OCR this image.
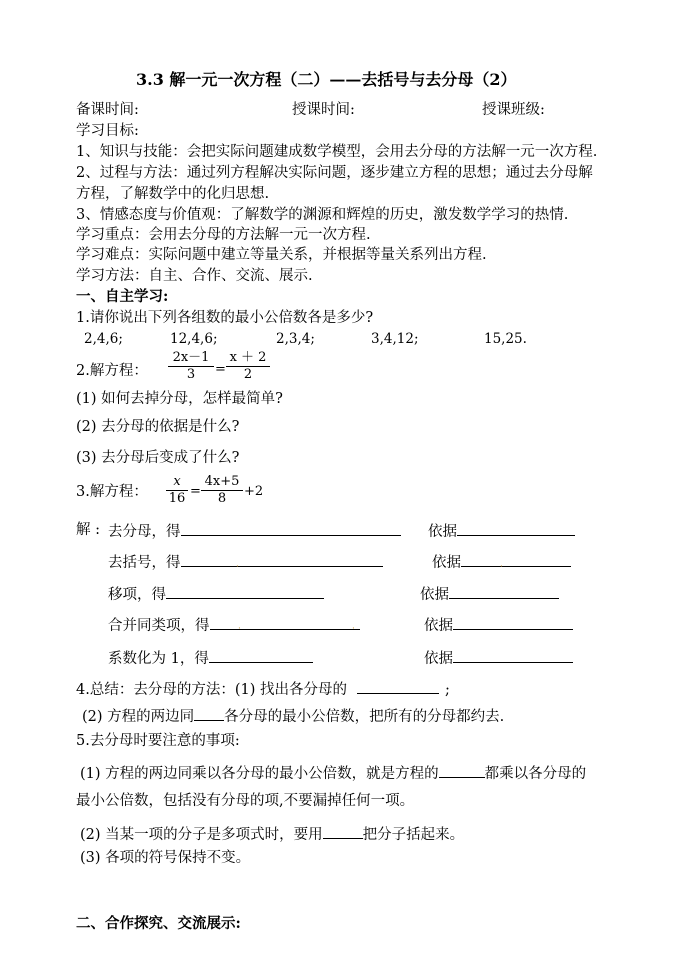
3.3 解一元一次方程（二）——去括号与去分母（2）
备课时间:	授课时间:	授课班级:
学习目标:
1、知识与技能：会把实际问题建成数学模型，会用去分母的方法解一元一次方程.
2、过程与方法：通过列方程解决实际问题，逐步建立方程的思想；通过去分母解
方程，了解数学中的化归思想.
3、情感态度与价值观：了解数学的渊源和辉煌的历史，激发数学学习的热情.
学习重点：会用去分母的方法解一元一次方程.
学习难点：实际问题中建立等量关系，并根据等量关系列出方程.
学习方法：自主、合作、交流、展示.
一、自主学习:
1.请你说出下列各组数的最小公倍数各是多少?
2,4,6;	12,4,6;	2,3,4;	3,4,12;	15,25.
2.解方程： $\frac{2x-1}{3} = \frac{x + 2}{2}$
(1) 如何去掉分母，怎样最简单?
(2) 去分母的依据是什么?
(3) 去分母后变成了什么?
3.解方程： $\frac{x}{16} = \frac{4x+5}{8} +2$
解 : 去分母，得	依据
去括号，得	依据
移项，得	依据
合并同类项，得	依据
系数化为 1，得	依据
·	·
·	·
4.总结：去分母的方法：(1) 找出各分母的	;
(2) 方程的两边同 各分母的最小公倍数，把所有的分母都约去.
5.去分母时要注意的事项:
(1) 方程的两边同乘以各分母的最小公倍数，就是方程的	都乘以各分母的
最小公倍数，包括没有分母的项,不要漏掉任何一项。
(2) 当某一项的分子是多项式时，要用	把分子括起来。
(3) 各项的符号保持不变。
二、合作探究、交流展示:
